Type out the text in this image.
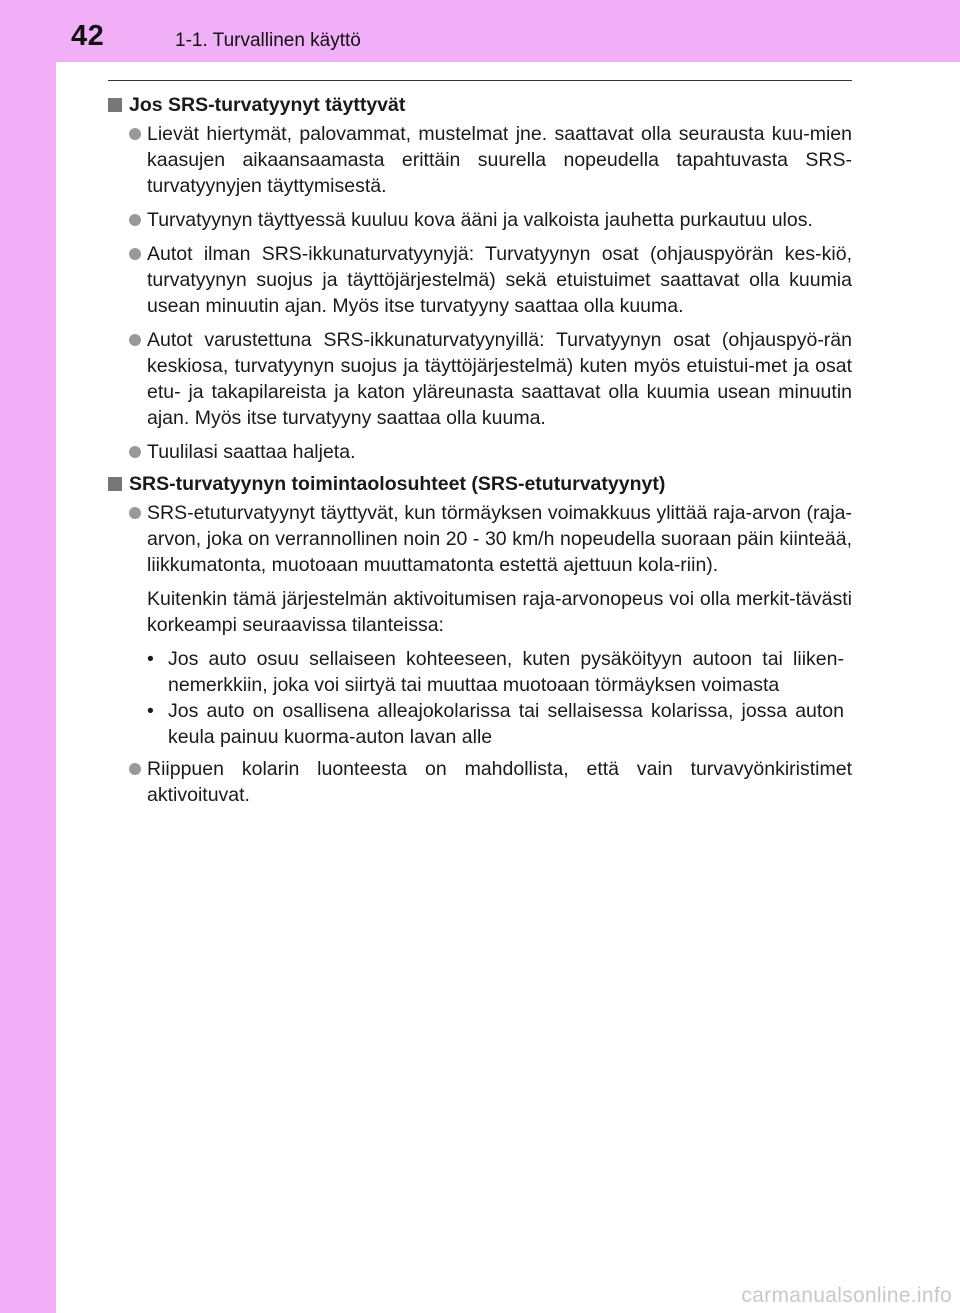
42	1-1. Turvallinen käyttö
Jos SRS-turvatyynyt täyttyvät
Lievät hiertymät, palovammat, mustelmat jne. saattavat olla seurausta kuu-mien kaasujen aikaansaamasta erittäin suurella nopeudella tapahtuvasta SRS-turvatyynyjen täyttymisestä.
Turvatyynyn täyttyessä kuuluu kova ääni ja valkoista jauhetta purkautuu ulos.
Autot ilman SRS-ikkunaturvatyynyjä: Turvatyynyn osat (ohjauspyörän kes-kiö, turvatyynyn suojus ja täyttöjärjestelmä) sekä etuistuimet saattavat olla kuumia usean minuutin ajan. Myös itse turvatyyny saattaa olla kuuma.
Autot varustettuna SRS-ikkunaturvatyynyillä: Turvatyynyn osat (ohjauspyö-rän keskiosa, turvatyynyn suojus ja täyttöjärjestelmä) kuten myös etuistui-met ja osat etu- ja takapilareista ja katon yläreunasta saattavat olla kuumia usean minuutin ajan. Myös itse turvatyyny saattaa olla kuuma.
Tuulilasi saattaa haljeta.
SRS-turvatyynyn toimintaolosuhteet (SRS-etuturvatyynyt)
SRS-etuturvatyynyt täyttyvät, kun törmäyksen voimakkuus ylittää raja-arvon (raja-arvon, joka on verrannollinen noin 20 - 30 km/h nopeudella suoraan päin kiinteää, liikkumatonta, muotoaan muuttamatonta estettä ajettuun kola-riin).
Kuitenkin tämä järjestelmän aktivoitumisen raja-arvonopeus voi olla merkit-tävästi korkeampi seuraavissa tilanteissa:
• Jos auto osuu sellaiseen kohteeseen, kuten pysäköityyn autoon tai liiken-nemerkkiin, joka voi siirtyä tai muuttaa muotoaan törmäyksen voimasta
• Jos auto on osallisena alleajokolarissa tai sellaisessa kolarissa, jossa auton keula painuu kuorma-auton lavan alle
Riippuen kolarin luonteesta on mahdollista, että vain turvavyönkiristimet aktivoituvat.
carmanualsonline.info
